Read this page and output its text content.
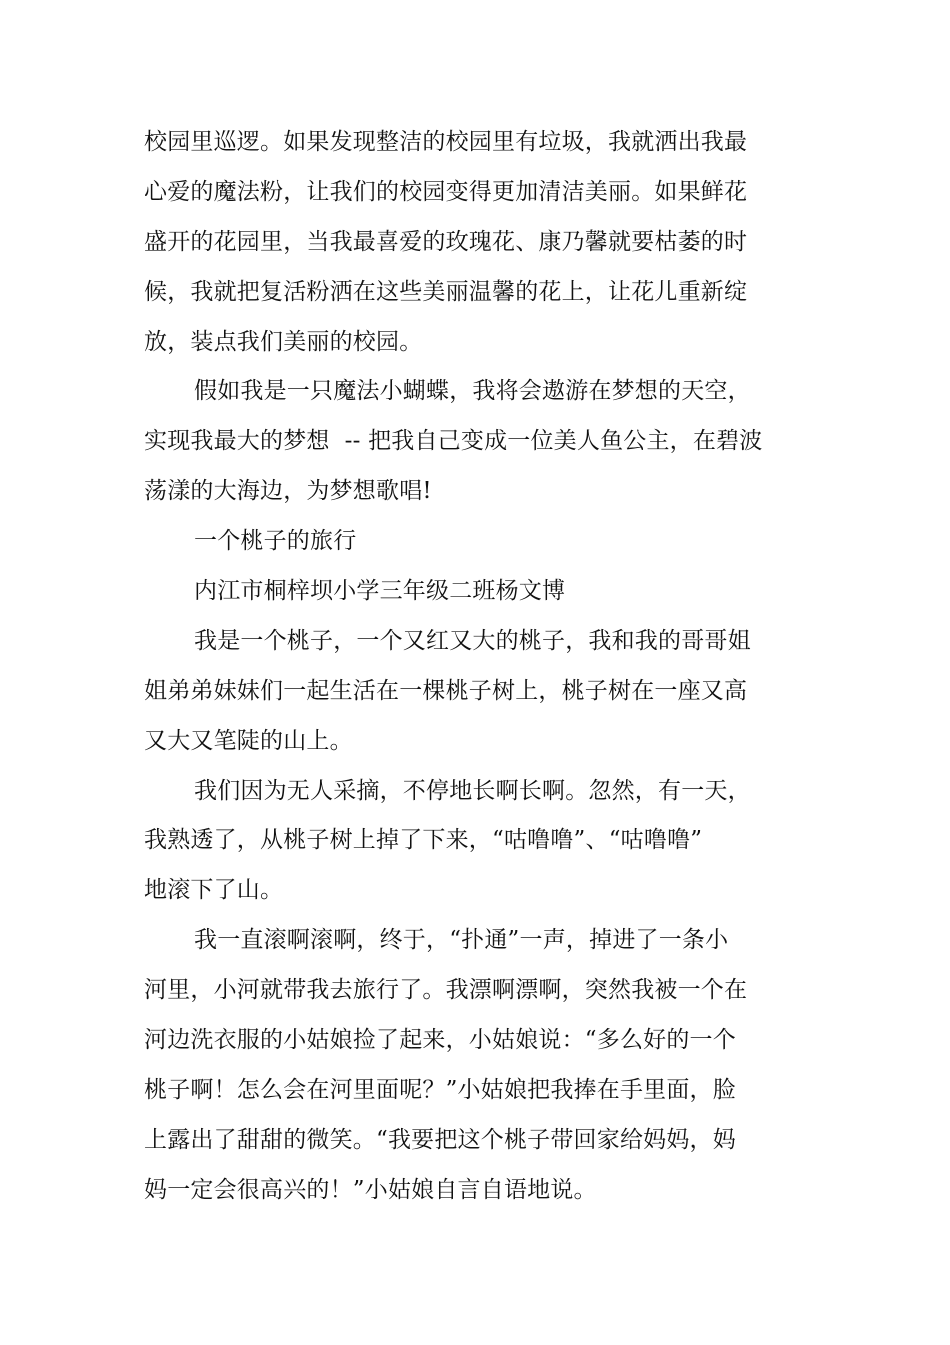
校园里巡逻。如果发现整洁的校园里有垃圾，我就洒出我最
心爱的魔法粉，让我们的校园变得更加清洁美丽。如果鲜花
盛开的花园里，当我最喜爱的玫瑰花、康乃馨就要枯萎的时
候，我就把复活粉洒在这些美丽温馨的花上，让花儿重新绽
放，装点我们美丽的校园。
假如我是一只魔法小蝴蝶，我将会遨游在梦想的天空，
实现我最大的梦想  -- 把我自己变成一位美人鱼公主，在碧波
荡漾的大海边，为梦想歌唱!
一个桃子的旅行
内江市桐梓坝小学三年级二班杨文博
我是一个桃子，一个又红又大的桃子，我和我的哥哥姐
姐弟弟妹妹们一起生活在一棵桃子树上，桃子树在一座又高
又大又笔陡的山上。
我们因为无人采摘，不停地长啊长啊。忽然，有一天，
我熟透了，从桃子树上掉了下来，“咕噜噜”、“咕噜噜”
地滚下了山。
我一直滚啊滚啊，终于，“扑通”一声，掉进了一条小
河里，小河就带我去旅行了。我漂啊漂啊，突然我被一个在
河边洗衣服的小姑娘捡了起来，小姑娘说：“多么好的一个
桃子啊！怎么会在河里面呢？”小姑娘把我捧在手里面，脸
上露出了甜甜的微笑。“我要把这个桃子带回家给妈妈，妈
妈一定会很高兴的！”小姑娘自言自语地说。
